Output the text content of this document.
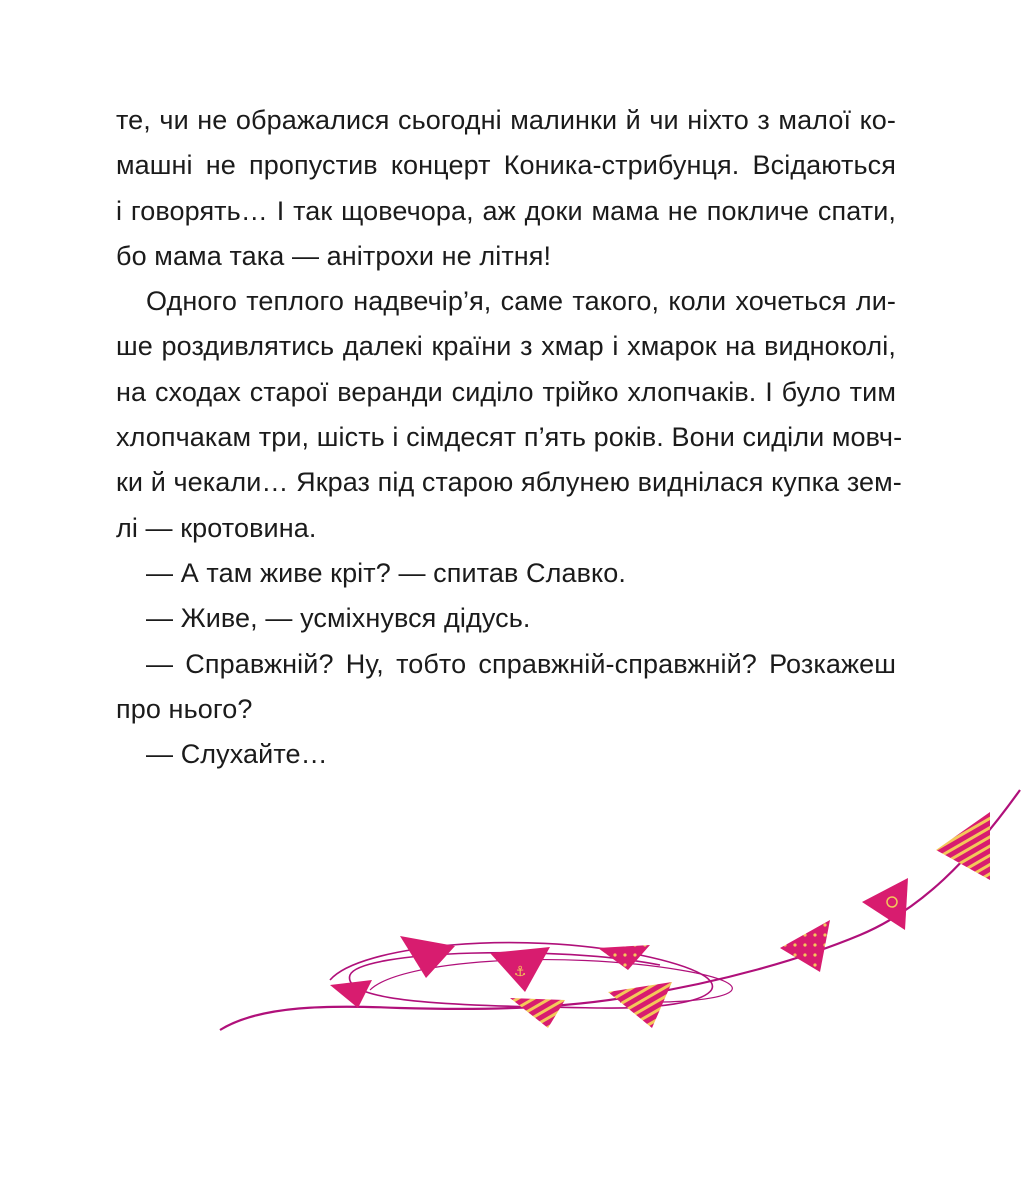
те, чи не ображалися сьогодні малинки й чи ніхто з малої ко-
машні не пропустив концерт Коника-стрибунця. Всідаються
і говорять… І так щовечора, аж доки мама не покличе спати,
бо мама така — анітрохи не літня!
Одного теплого надвечір’я, саме такого, коли хочеться ли-
ше роздивлятись далекі країни з хмар і хмарок на видноколі,
на сходах старої веранди сиділо трійко хлопчаків. І було тим
хлопчакам три, шість і сімдесят п’ять років. Вони сиділи мовч-
ки й чекали… Якраз під старою яблунею виднілася купка зем-
лі — кротовина.
— А там живе кріт? — спитав Славко.
— Живе, — усміхнувся дідусь.
— Справжній? Ну, тобто справжній-справжній? Розкажеш
про нього?
— Слухайте…
⚓
